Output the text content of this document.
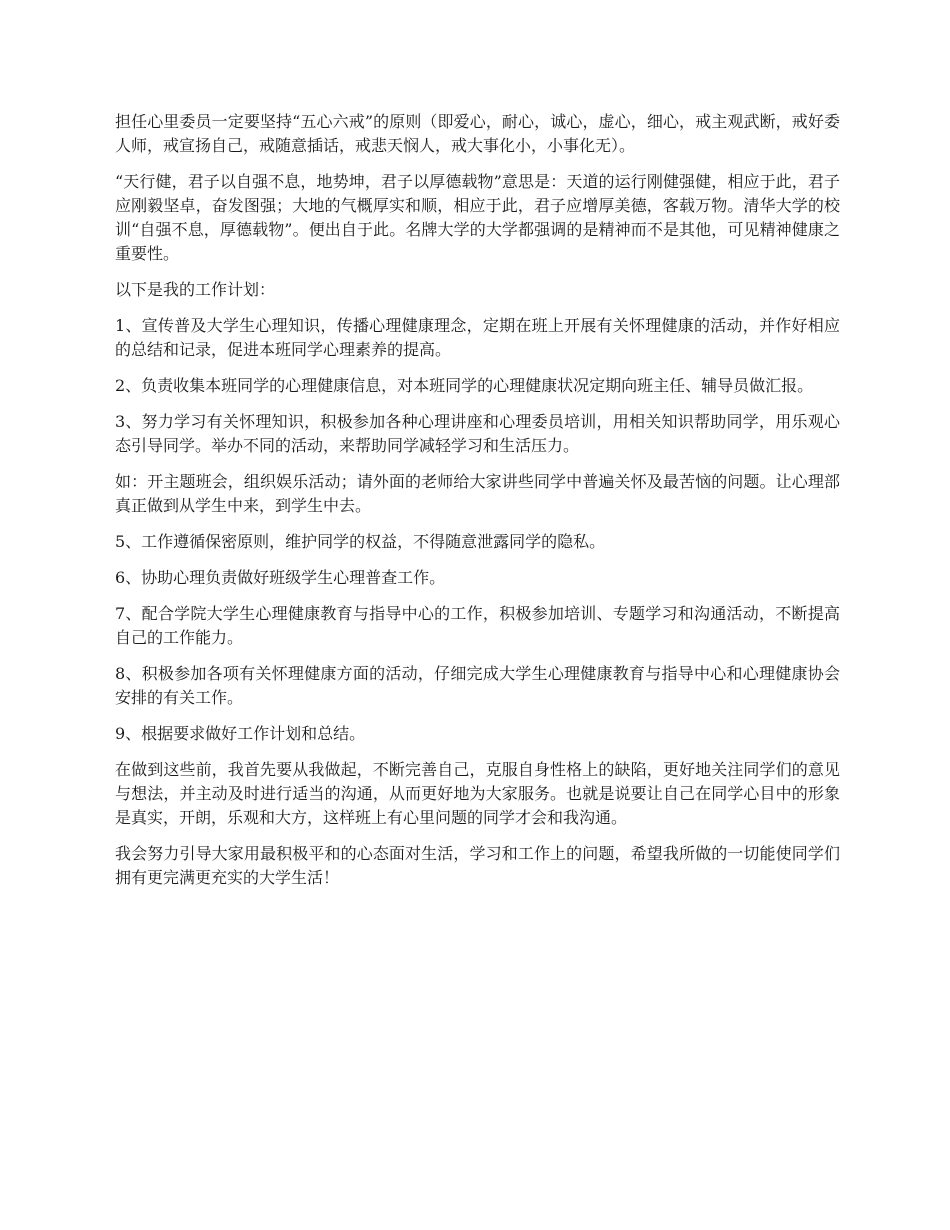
担任心里委员一定要坚持“五心六戒”的原则（即爱心，耐心，诚心，虚心，细心，戒主观武断，戒好委人师，戒宣扬自己，戒随意插话，戒悲天悯人，戒大事化小，小事化无）。

“天行健，君子以自强不息，地势坤，君子以厚德载物”意思是：天道的运行刚健强健，相应于此，君子应刚毅坚卓，奋发图强；大地的气概厚实和顺，相应于此，君子应增厚美德，客载万物。清华大学的校训“自强不息，厚德载物”。便出自于此。名牌大学的大学都强调的是精神而不是其他，可见精神健康之重要性。

以下是我的工作计划：

1、宣传普及大学生心理知识，传播心理健康理念，定期在班上开展有关怀理健康的活动，并作好相应的总结和记录，促进本班同学心理素养的提高。

2、负责收集本班同学的心理健康信息，对本班同学的心理健康状况定期向班主任、辅导员做汇报。

3、努力学习有关怀理知识，积极参加各种心理讲座和心理委员培训，用相关知识帮助同学，用乐观心态引导同学。举办不同的活动，来帮助同学减轻学习和生活压力。

如：开主题班会，组织娱乐活动；请外面的老师给大家讲些同学中普遍关怀及最苦恼的问题。让心理部真正做到从学生中来，到学生中去。

5、工作遵循保密原则，维护同学的权益，不得随意泄露同学的隐私。

6、协助心理负责做好班级学生心理普查工作。

7、配合学院大学生心理健康教育与指导中心的工作，积极参加培训、专题学习和沟通活动，不断提高自己的工作能力。

8、积极参加各项有关怀理健康方面的活动，仔细完成大学生心理健康教育与指导中心和心理健康协会安排的有关工作。

9、根据要求做好工作计划和总结。

在做到这些前，我首先要从我做起，不断完善自己，克服自身性格上的缺陷，更好地关注同学们的意见与想法，并主动及时进行适当的沟通，从而更好地为大家服务。也就是说要让自己在同学心目中的形象是真实，开朗，乐观和大方，这样班上有心里问题的同学才会和我沟通。

我会努力引导大家用最积极平和的心态面对生活，学习和工作上的问题，希望我所做的一切能使同学们拥有更完满更充实的大学生活！
